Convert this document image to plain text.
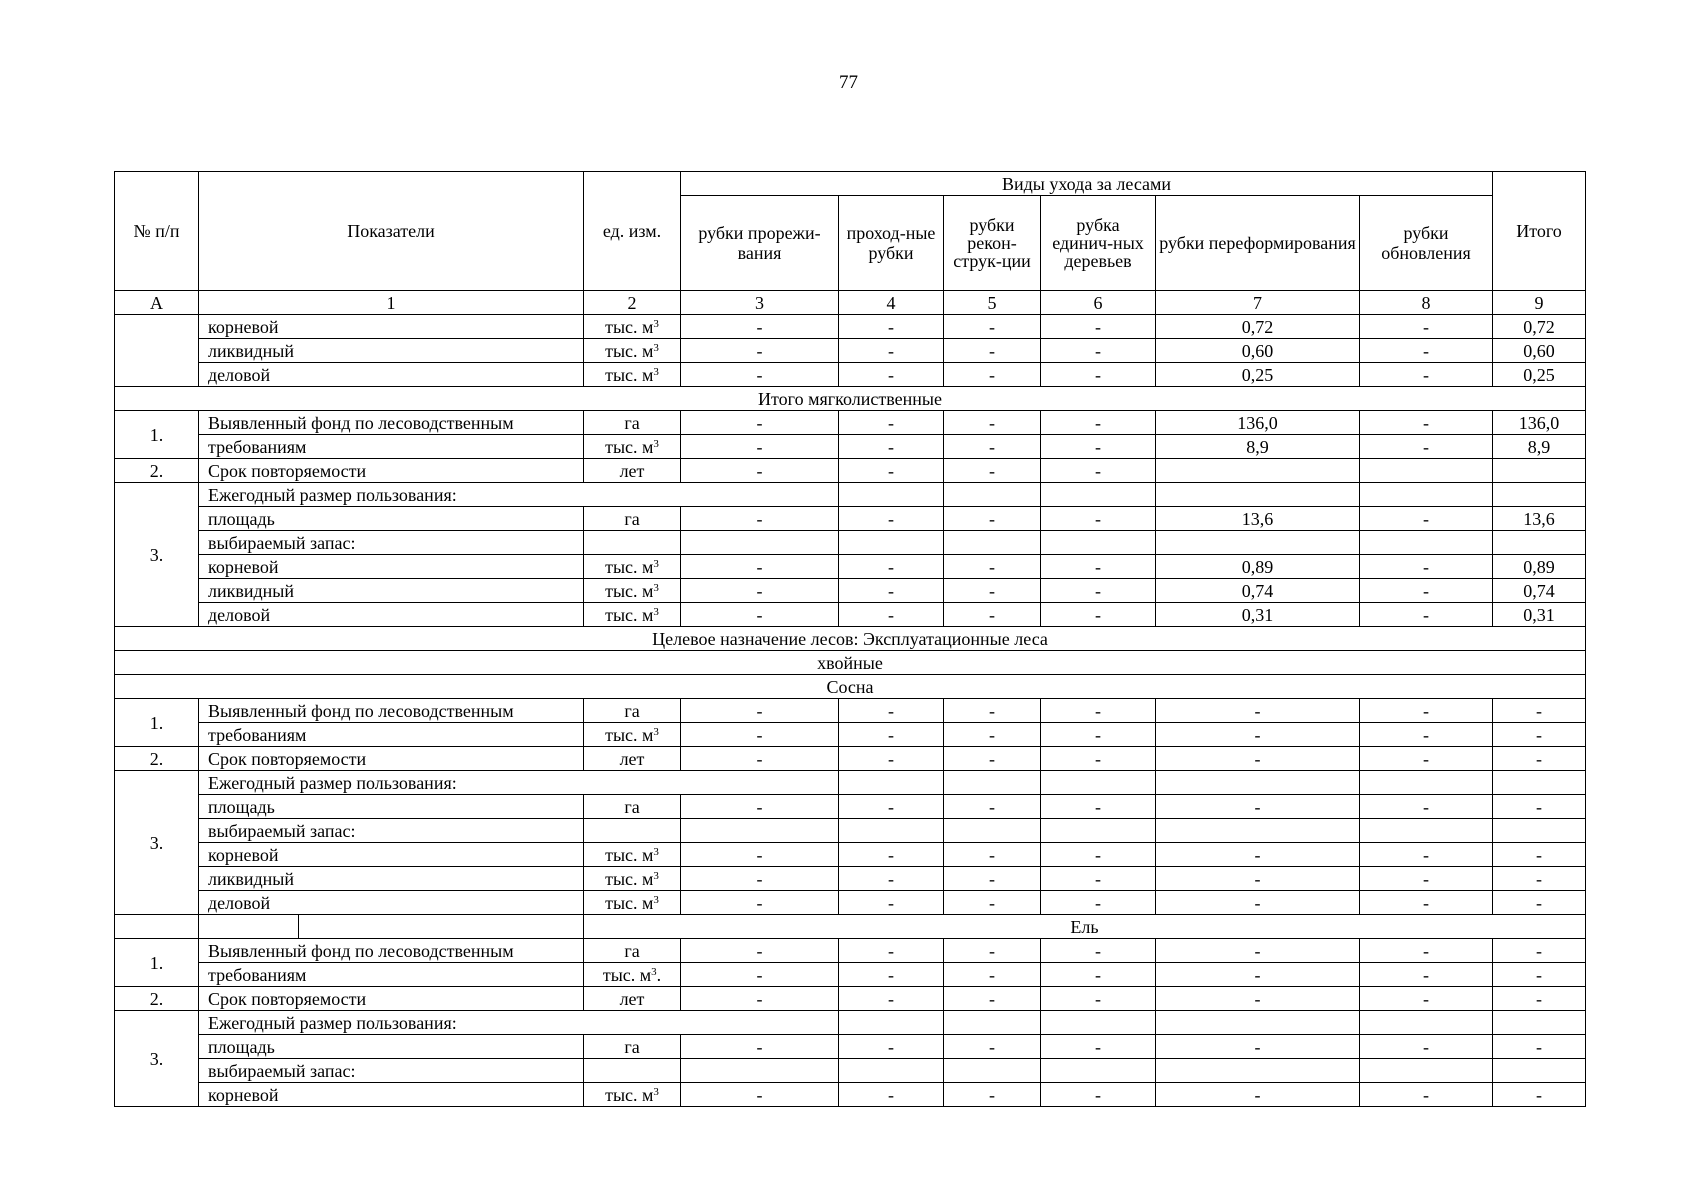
77
№ п/п	Показатели	ед. изм.	Виды ухода за лесами						Итого
			рубки прорежи-вания	проход-ные рубки	рубки рекон-струк-ции	рубка единич-ных деревьев	рубки переформирования	рубки обновления	
А	1	2	3	4	5	6	7	8	9
	корневой	тыс. $м^3$	-	-	-	-	0,72	-	0,72
	ликвидный	тыс. $м^3$	-	-	-	-	0,60	-	0,60
	деловой	тыс. $м^3$	-	-	-	-	0,25	-	0,25
Итого мягколиственные									
1.	Выявленный фонд по лесоводственным	га	-	-	-	-	136,0	-	136,0
	требованиям	тыс. $м^3$	-	-	-	-	8,9	-	8,9
2.	Срок повторяемости	лет	-	-	-	-			
3.	Ежегодный размер пользования:								
	площадь	га	-	-	-	-	13,6	-	13,6
	выбираемый запас:								
	корневой	тыс. $м^3$	-	-	-	-	0,89	-	0,89
	ликвидный	тыс. $м^3$	-	-	-	-	0,74	-	0,74
	деловой	тыс. $м^3$	-	-	-	-	0,31	-	0,31
Целевое назначение лесов: Эксплуатационные леса									
хвойные									
Сосна									
1.	Выявленный фонд по лесоводственным	га	-	-	-	-	-	-	-
	требованиям	тыс. $м^3$	-	-	-	-	-	-	-
2.	Срок повторяемости	лет	-	-	-	-	-	-	-
3.	Ежегодный размер пользования:								
	площадь	га	-	-	-	-	-	-	-
	выбираемый запас:								
	корневой	тыс. $м^3$	-	-	-	-	-	-	-
	ликвидный	тыс. $м^3$	-	-	-	-	-	-	-
	деловой	тыс. $м^3$	-	-	-	-	-	-	-

	Ель							
1.	Выявленный фонд по лесоводственным	га	-	-	-	-	-	-	-
	требованиям	тыс. $м^3$.	-	-	-	-	-	-	-
2.	Срок повторяемости	лет	-	-	-	-	-	-	-
3.	Ежегодный размер пользования:								
	площадь	га	-	-	-	-	-	-	-
	выбираемый запас:								
	корневой	тыс. $м^3$	-	-	-	-	-	-	-
